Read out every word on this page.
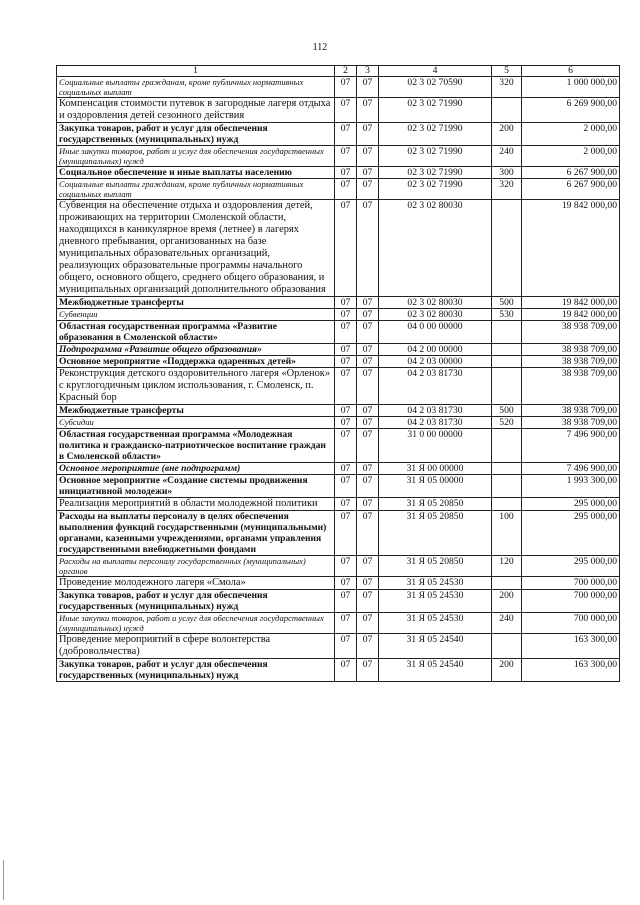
112
1	2	3	4	5	6
Социальные выплаты гражданам, кроме публичных нормативных социальных выплат	07	07	02 3 02 70590	320	1 000 000,00
Компенсация стоимости путевок в загородные лагеря отдыха и оздоровления детей сезонного действия	07	07	02 3 02 71990		6 269 900,00
Закупка товаров, работ и услуг для обеспечения государственных (муниципальных) нужд	07	07	02 3 02 71990	200	2 000,00
Иные закупки товаров, работ и услуг для обеспечения государственных (муниципальных) нужд	07	07	02 3 02 71990	240	2 000,00
Социальное обеспечение и иные выплаты населению	07	07	02 3 02 71990	300	6 267 900,00
Социальные выплаты гражданам, кроме публичных нормативных социальных выплат	07	07	02 3 02 71990	320	6 267 900,00
Субвенция на обеспечение отдыха и оздоровления детей, проживающих на территории Смоленской области, находящихся в каникулярное время (летнее) в лагерях дневного пребывания, организованных на базе муниципальных образовательных организаций, реализующих образовательные программы начального общего, основного общего, среднего общего образования, и муниципальных организаций дополнительного образования	07	07	02 3 02 80030		19 842 000,00
Межбюджетные трансферты	07	07	02 3 02 80030	500	19 842 000,00
Субвенции	07	07	02 3 02 80030	530	19 842 000,00
Областная государственная программа «Развитие образования в Смоленской области»	07	07	04 0 00 00000		38 938 709,00
Подпрограмма «Развитие общего образования»	07	07	04 2 00 00000		38 938 709,00
Основное мероприятие «Поддержка одаренных детей»	07	07	04 2 03 00000		38 938 709,00
Реконструкция детского оздоровительного лагеря «Орленок» с круглогодичным циклом использования, г. Смоленск, п. Красный бор	07	07	04 2 03 81730		38 938 709,00
Межбюджетные трансферты	07	07	04 2 03 81730	500	38 938 709,00
Субсидии	07	07	04 2 03 81730	520	38 938 709,00
Областная государственная программа «Молодежная политика и гражданско-патриотическое воспитание граждан в Смоленской области»	07	07	31 0 00 00000		7 496 900,00
Основное мероприятие (вне подпрограмм)	07	07	31 Я 00 00000		7 496 900,00
Основное мероприятие «Создание системы продвижения инициативной молодежи»	07	07	31 Я 05 00000		1 993 300,00
Реализация мероприятий в области молодежной политики	07	07	31 Я 05 20850		295 000,00
Расходы на выплаты персоналу в целях обеспечения выполнения функций государственными (муниципальными) органами, казенными учреждениями, органами управления государственными внебюджетными фондами	07	07	31 Я 05 20850	100	295 000,00
Расходы на выплаты персоналу государственных (муниципальных) органов	07	07	31 Я 05 20850	120	295 000,00
Проведение молодежного лагеря «Смола»	07	07	31 Я 05 24530		700 000,00
Закупка товаров, работ и услуг для обеспечения государственных (муниципальных) нужд	07	07	31 Я 05 24530	200	700 000,00
Иные закупки товаров, работ и услуг для обеспечения государственных (муниципальных) нужд	07	07	31 Я 05 24530	240	700 000,00
Проведение мероприятий в сфере волонтерства (добровольчества)	07	07	31 Я 05 24540		163 300,00
Закупка товаров, работ и услуг для обеспечения государственных (муниципальных) нужд	07	07	31 Я 05 24540	200	163 300,00
